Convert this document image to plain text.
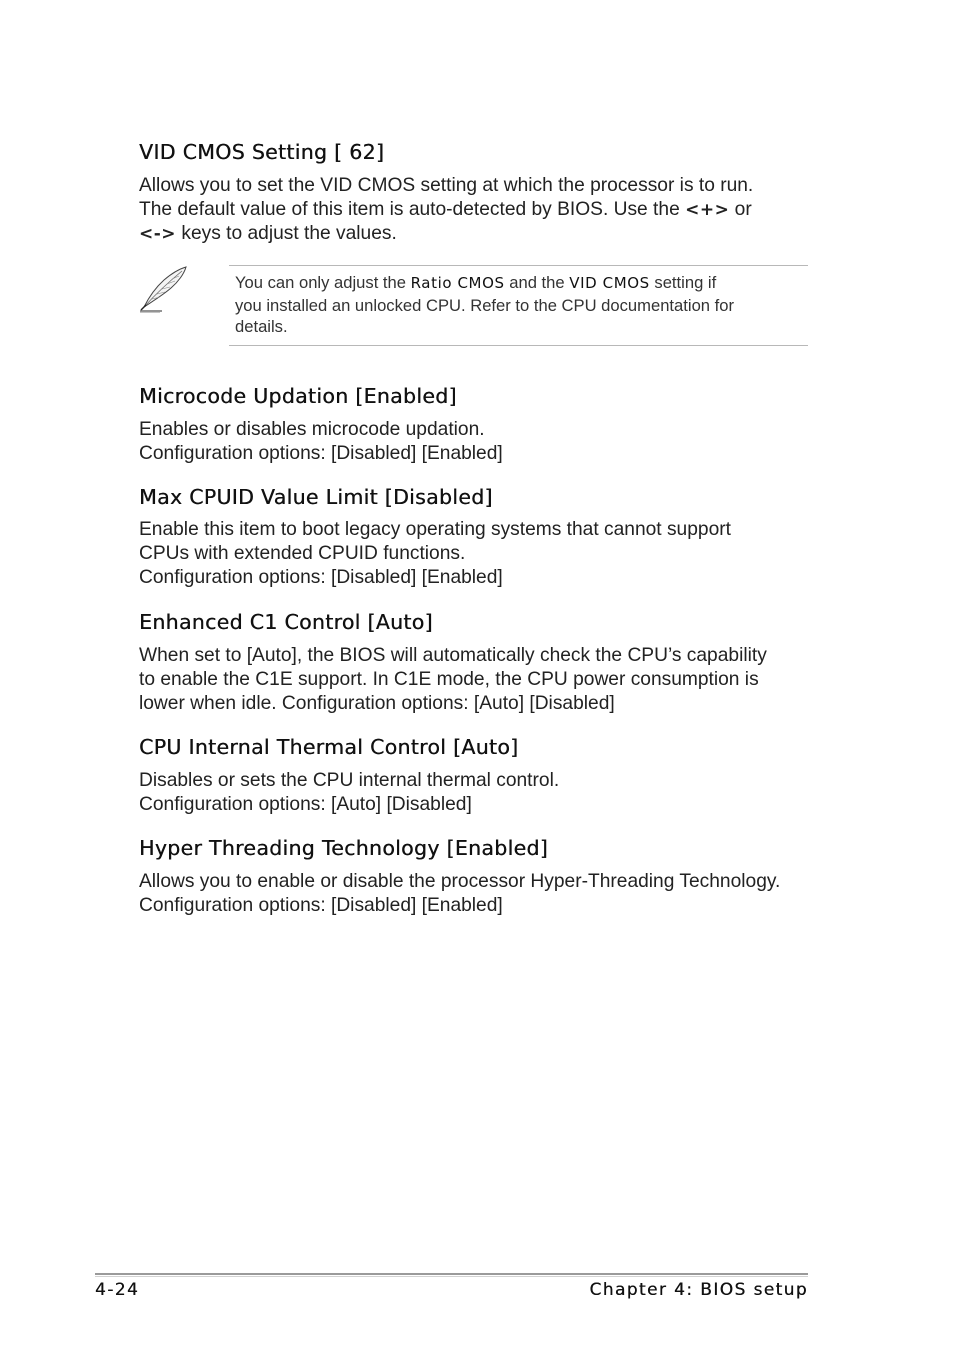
VID CMOS Setting [ 62]
Allows you to set the VID CMOS setting at which the processor is to run.
The default value of this item is auto-detected by BIOS. Use the <+> or
<-> keys to adjust the values.
You can only adjust the Ratio CMOS and the VID CMOS setting if
you installed an unlocked CPU. Refer to the CPU documentation for
details.
Microcode Updation [Enabled]
Enables or disables microcode updation.
Configuration options: [Disabled] [Enabled]
Max CPUID Value Limit [Disabled]
Enable this item to boot legacy operating systems that cannot support
CPUs with extended CPUID functions.
Configuration options: [Disabled] [Enabled]
Enhanced C1 Control [Auto]
When set to [Auto], the BIOS will automatically check the CPU’s capability
to enable the C1E support. In C1E mode, the CPU power consumption is
lower when idle. Configuration options: [Auto] [Disabled]
CPU Internal Thermal Control [Auto]
Disables or sets the CPU internal thermal control.
Configuration options: [Auto] [Disabled]
Hyper Threading Technology [Enabled]
Allows you to enable or disable the processor Hyper-Threading Technology.
Configuration options: [Disabled] [Enabled]
4-24	Chapter 4: BIOS setup
